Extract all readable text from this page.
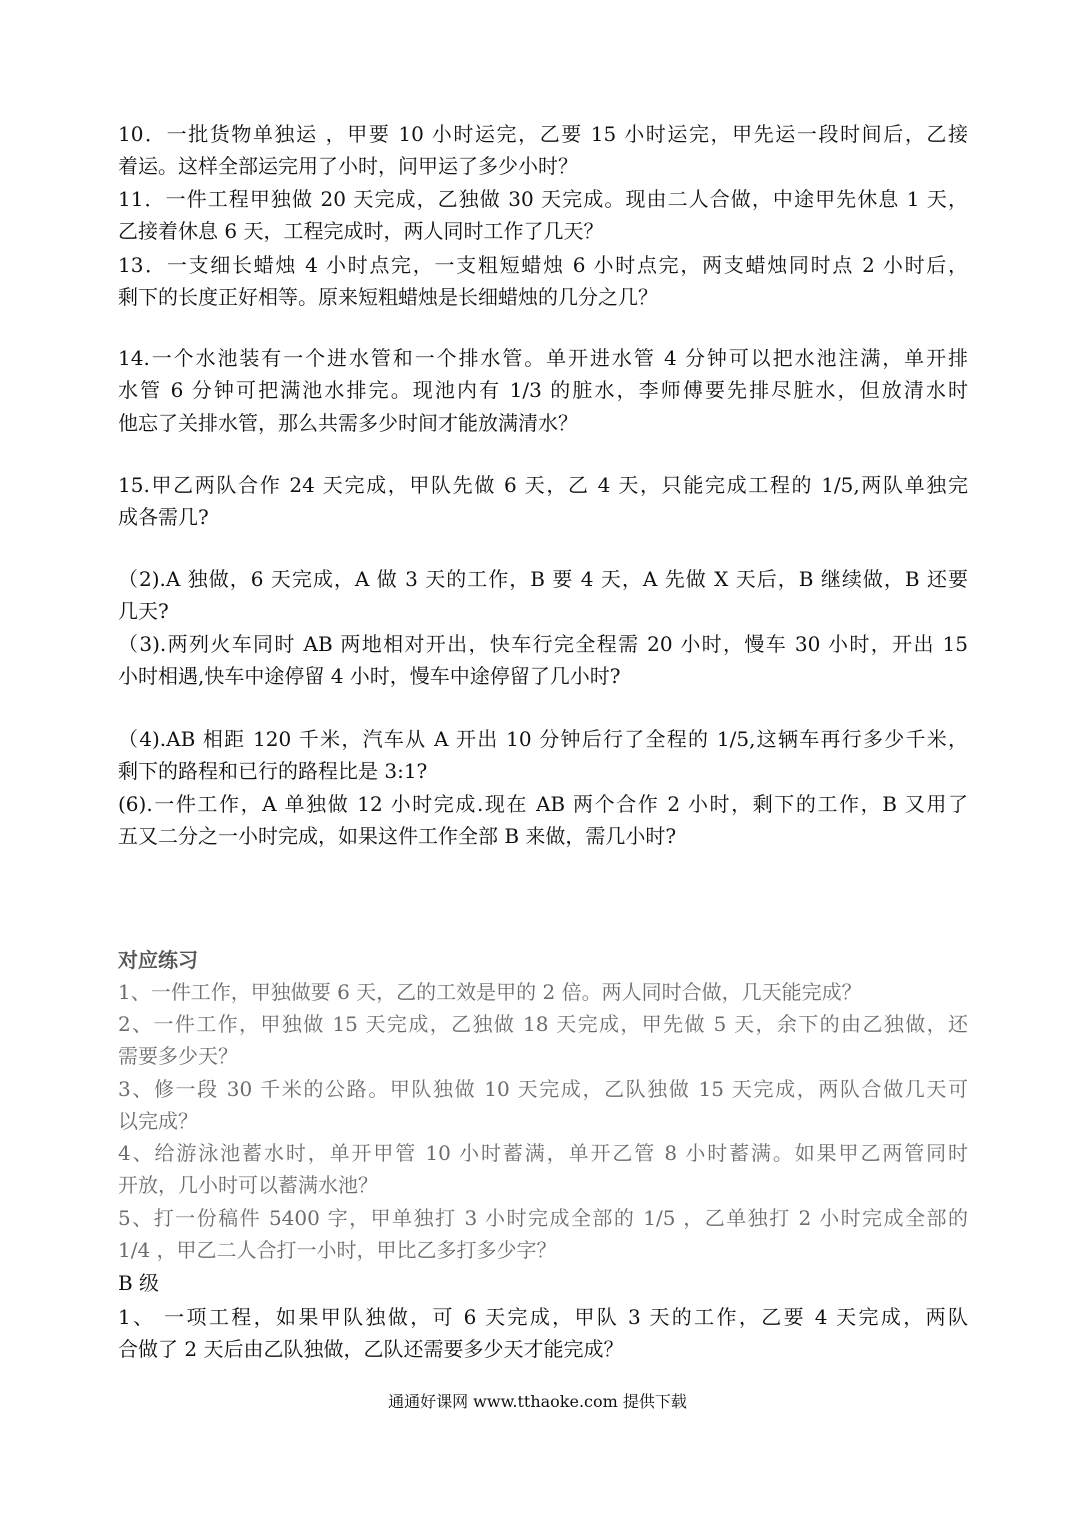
10．一批货物单独运 ，甲要 10 小时运完，乙要 15 小时运完，甲先运一段时间后，乙接
着运。这样全部运完用了小时，问甲运了多少小时？
11．一件工程甲独做 20 天完成，乙独做 30 天完成。现由二人合做，中途甲先休息 1 天，
乙接着休息 6 天，工程完成时，两人同时工作了几天？
13．一支细长蜡烛 4 小时点完，一支粗短蜡烛 6 小时点完，两支蜡烛同时点 2 小时后，
剩下的长度正好相等。原来短粗蜡烛是长细蜡烛的几分之几？
14.一个水池装有一个进水管和一个排水管。单开进水管 4 分钟可以把水池注满，单开排
水管 6 分钟可把满池水排完。现池内有 1/3 的脏水，李师傅要先排尽脏水，但放清水时
他忘了关排水管，那么共需多少时间才能放满清水？
15.甲乙两队合作 24 天完成，甲队先做 6 天，乙 4 天，只能完成工程的 1/5,两队单独完
成各需几?
（2).A 独做，6 天完成，A 做 3 天的工作，B 要 4 天，A 先做 X 天后，B 继续做，B 还要
几天?
（3).两列火车同时 AB 两地相对开出，快车行完全程需 20 小时，慢车 30 小时，开出 15
小时相遇,快车中途停留 4 小时，慢车中途停留了几小时?
（4).AB 相距 120 千米，汽车从 A 开出 10 分钟后行了全程的 1/5,这辆车再行多少千米，
剩下的路程和已行的路程比是 3:1?
(6).一件工作，A 单独做 12 小时完成.现在 AB 两个合作 2 小时，剩下的工作，B 又用了
五又二分之一小时完成，如果这件工作全部 B 来做，需几小时?
对应练习
1、一件工作，甲独做要 6 天，乙的工效是甲的 2 倍。两人同时合做，几天能完成？
2、一件工作，甲独做 15 天完成，乙独做 18 天完成，甲先做 5 天，余下的由乙独做，还
需要多少天？
3、修一段 30 千米的公路。甲队独做 10 天完成，乙队独做 15 天完成，两队合做几天可
以完成？
4、给游泳池蓄水时，单开甲管 10 小时蓄满，单开乙管 8 小时蓄满。如果甲乙两管同时
开放，几小时可以蓄满水池？
5、打一份稿件 5400 字，甲单独打 3 小时完成全部的 1/5 ，乙单独打 2 小时完成全部的
1/4 ，甲乙二人合打一小时，甲比乙多打多少字？
B 级
1、 一项工程，如果甲队独做，可 6 天完成，甲队 3 天的工作，乙要 4 天完成，两队
合做了 2 天后由乙队独做，乙队还需要多少天才能完成？
通通好课网 www.tthaoke.com 提供下载
